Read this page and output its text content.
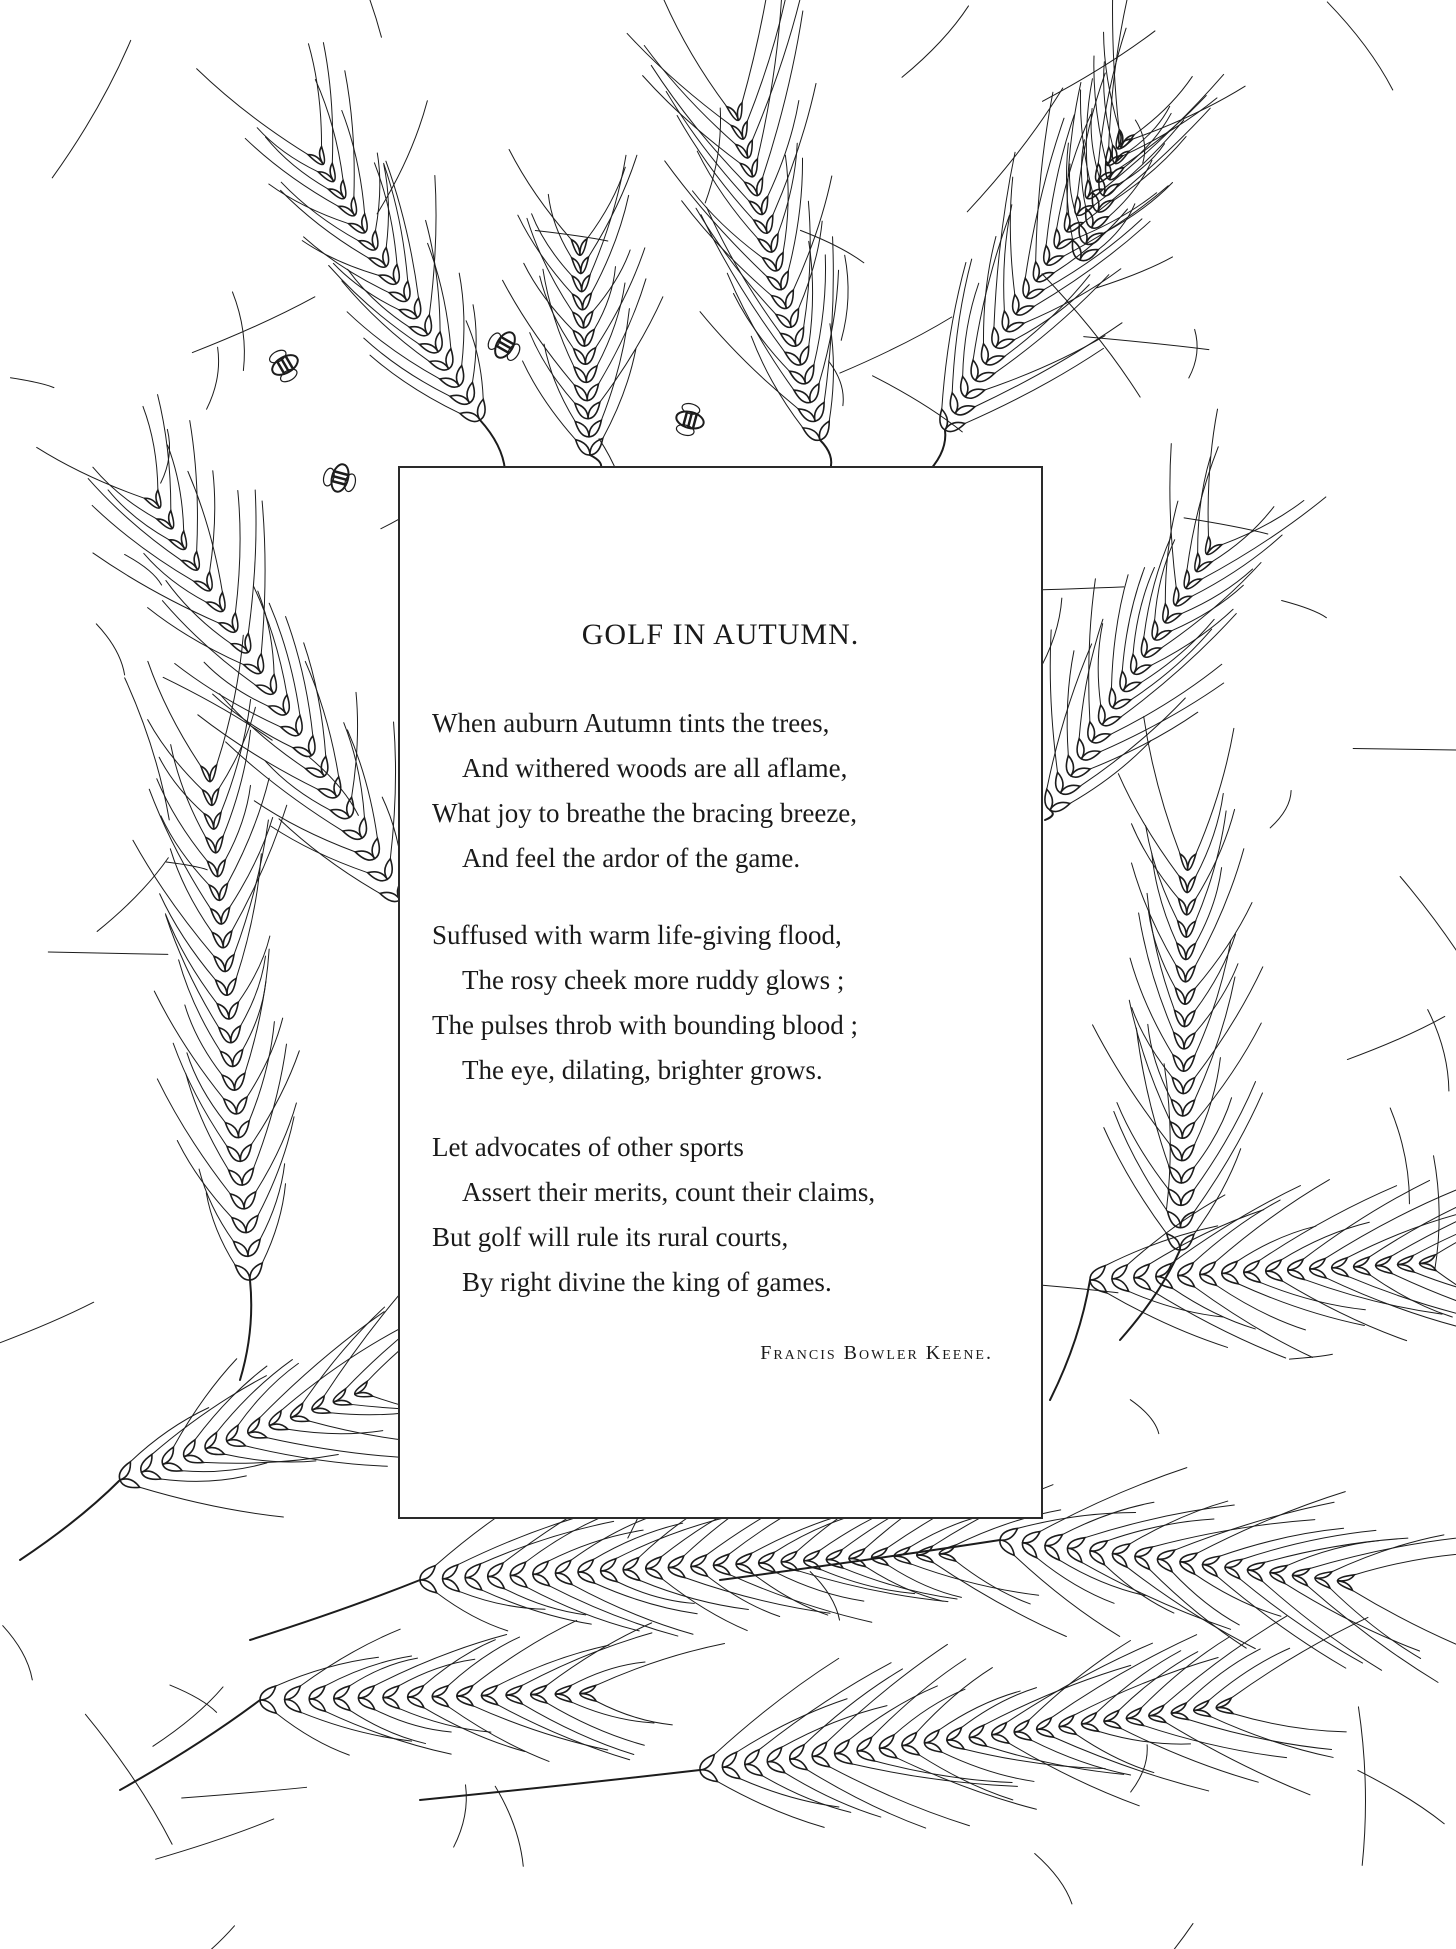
GOLF IN AUTUMN.
When auburn Autumn tints the trees,
And withered woods are all aflame,
What joy to breathe the bracing breeze,
And feel the ardor of the game.
Suffused with warm life-giving flood,
The rosy cheek more ruddy glows ;
The pulses throb with bounding blood ;
The eye, dilating, brighter grows.
Let advocates of other sports
Assert their merits, count their claims,
But golf will rule its rural courts,
By right divine the king of games.
Francis Bowler Keene.
